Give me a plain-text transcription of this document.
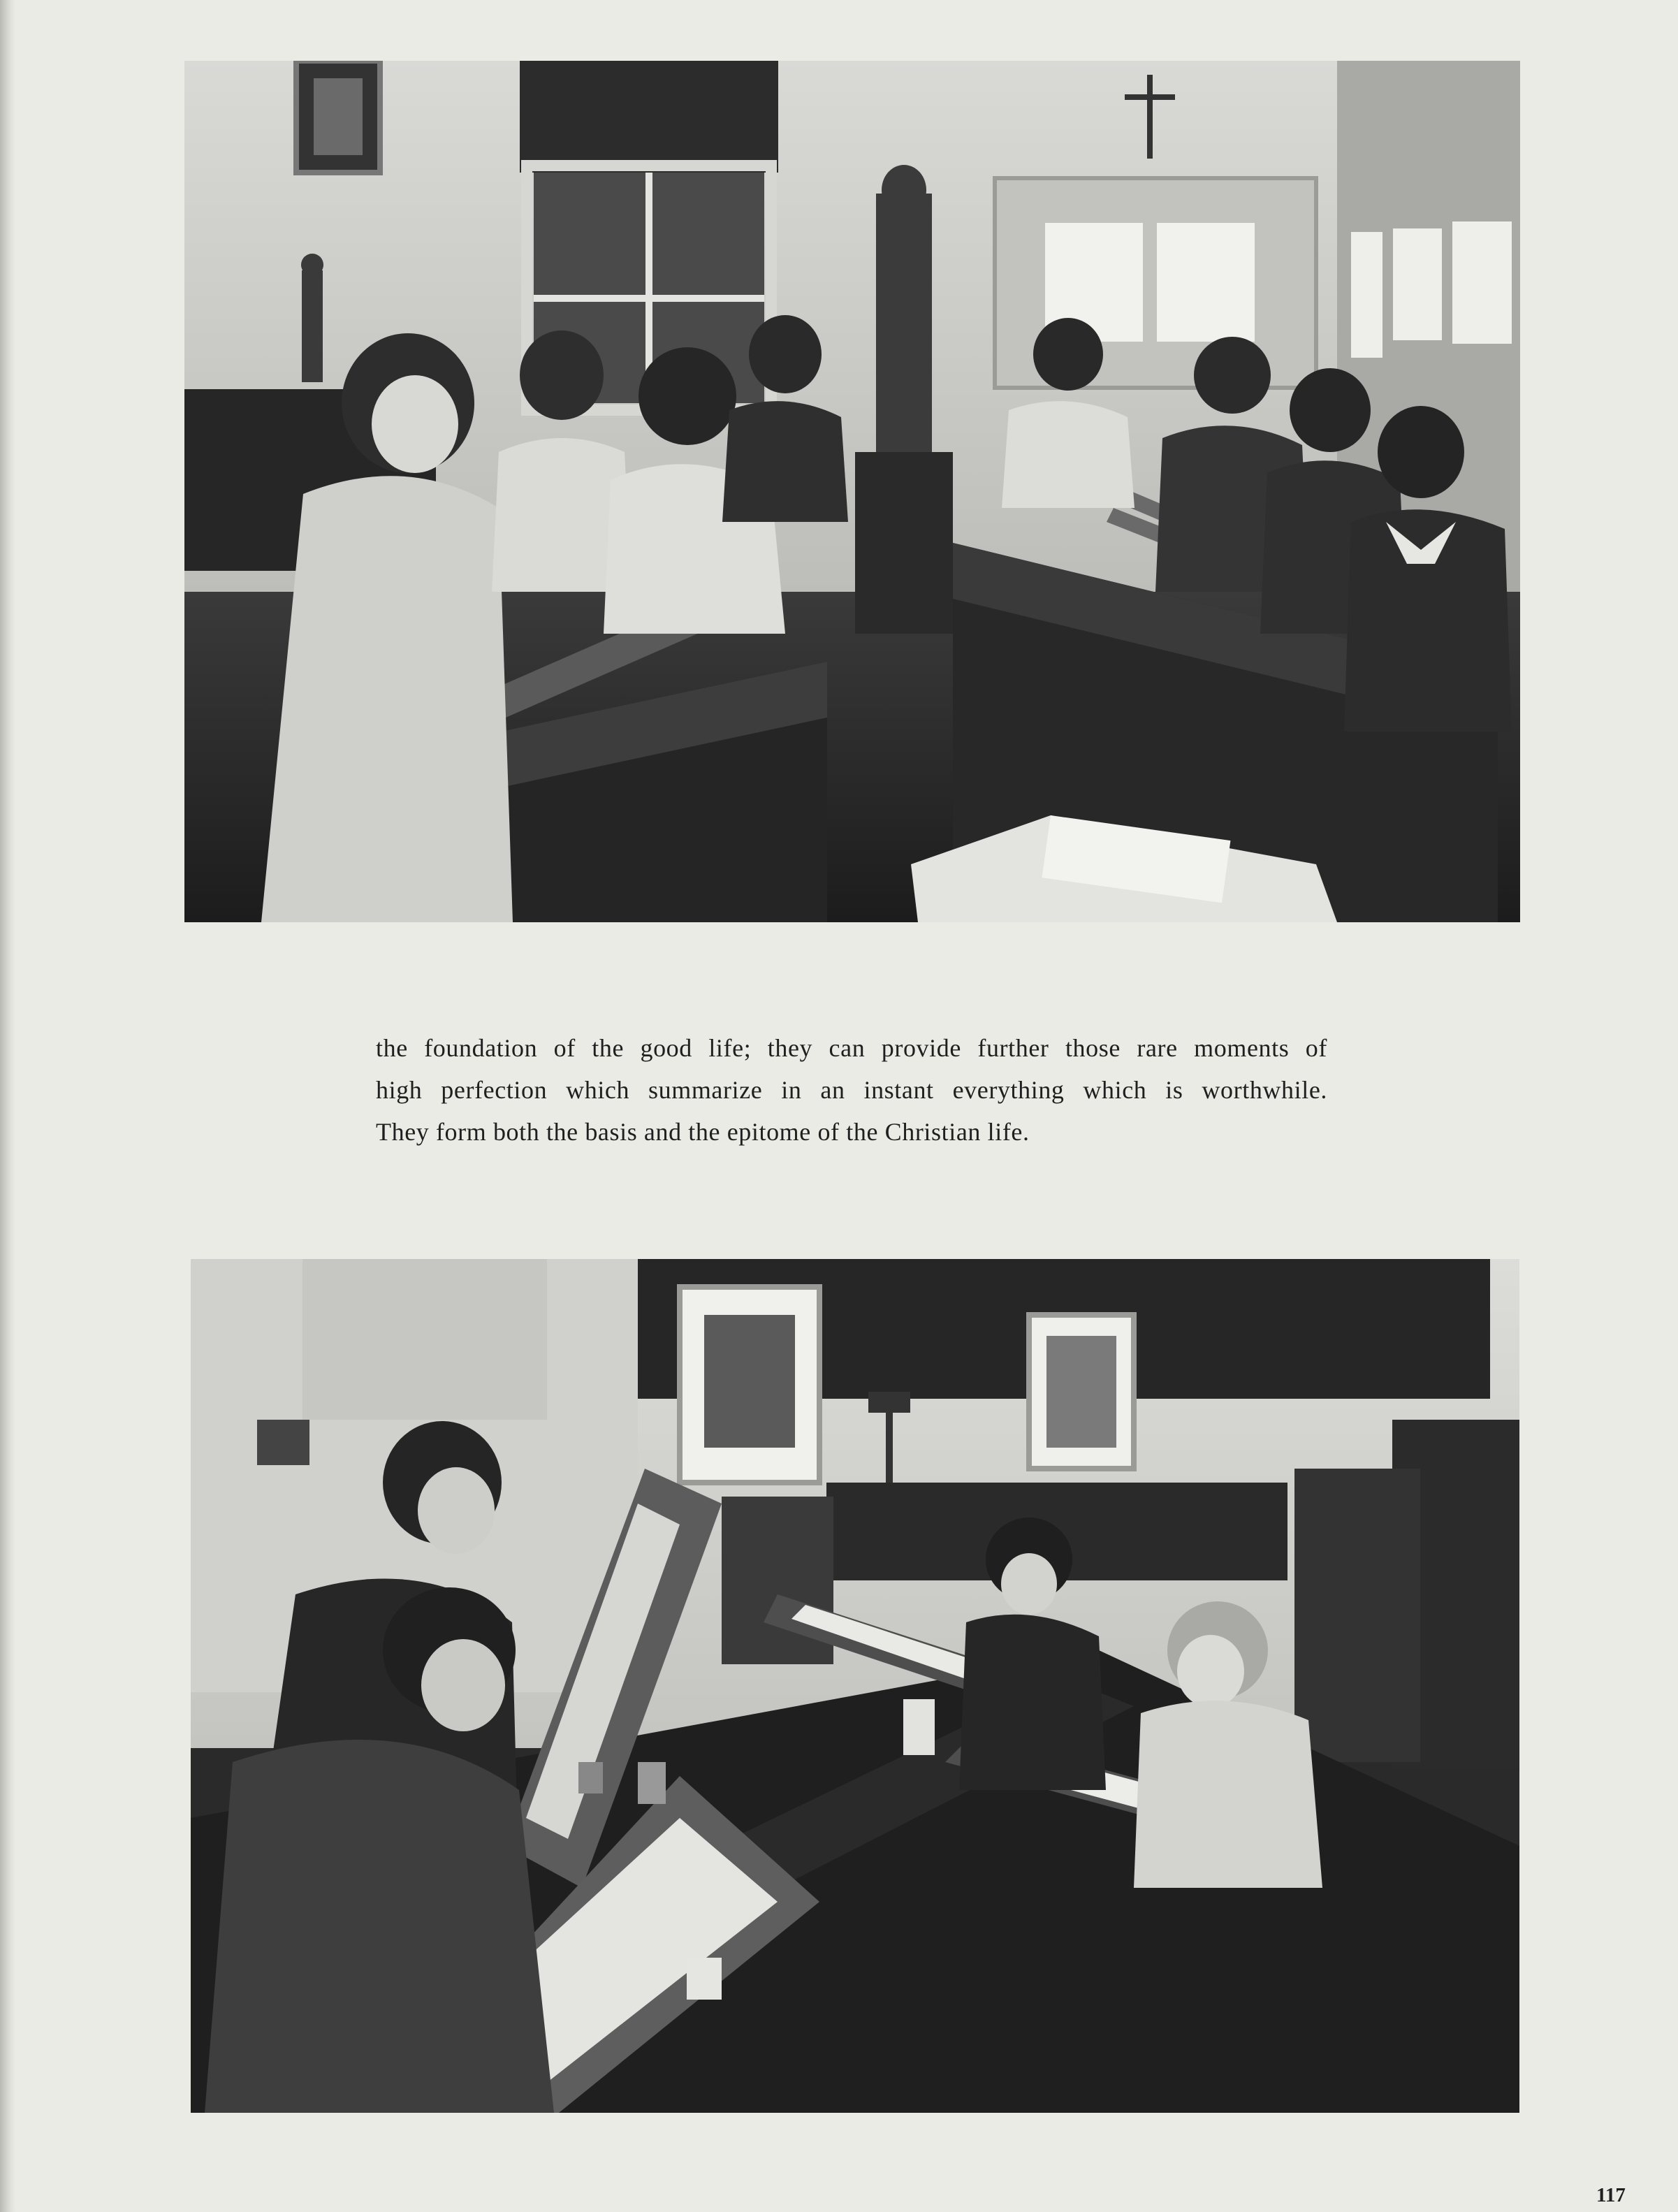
the foundation of the good life; they can provide further those rare moments of
high perfection which summarize in an instant everything which is worthwhile.
They form both the basis and the epitome of the Christian life.
117
